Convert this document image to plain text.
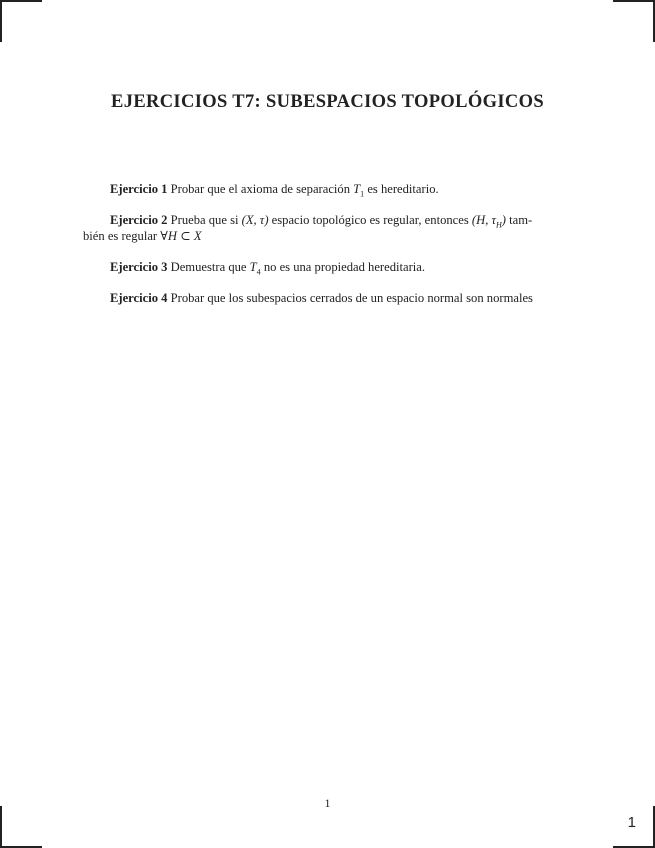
EJERCICIOS T7: SUBESPACIOS TOPOLÓGICOS

Ejercicio 1 Probar que el axioma de separación $T_1$ es hereditario.

Ejercicio 2 Prueba que si (X, τ) espacio topológico es regular, entonces (H, $\tau_H$) tam-
bién es regular ∀H ⊂ X

Ejercicio 3 Demuestra que $T_4$ no es una propiedad hereditaria.

Ejercicio 4 Probar que los subespacios cerrados de un espacio normal son normales

1
1
